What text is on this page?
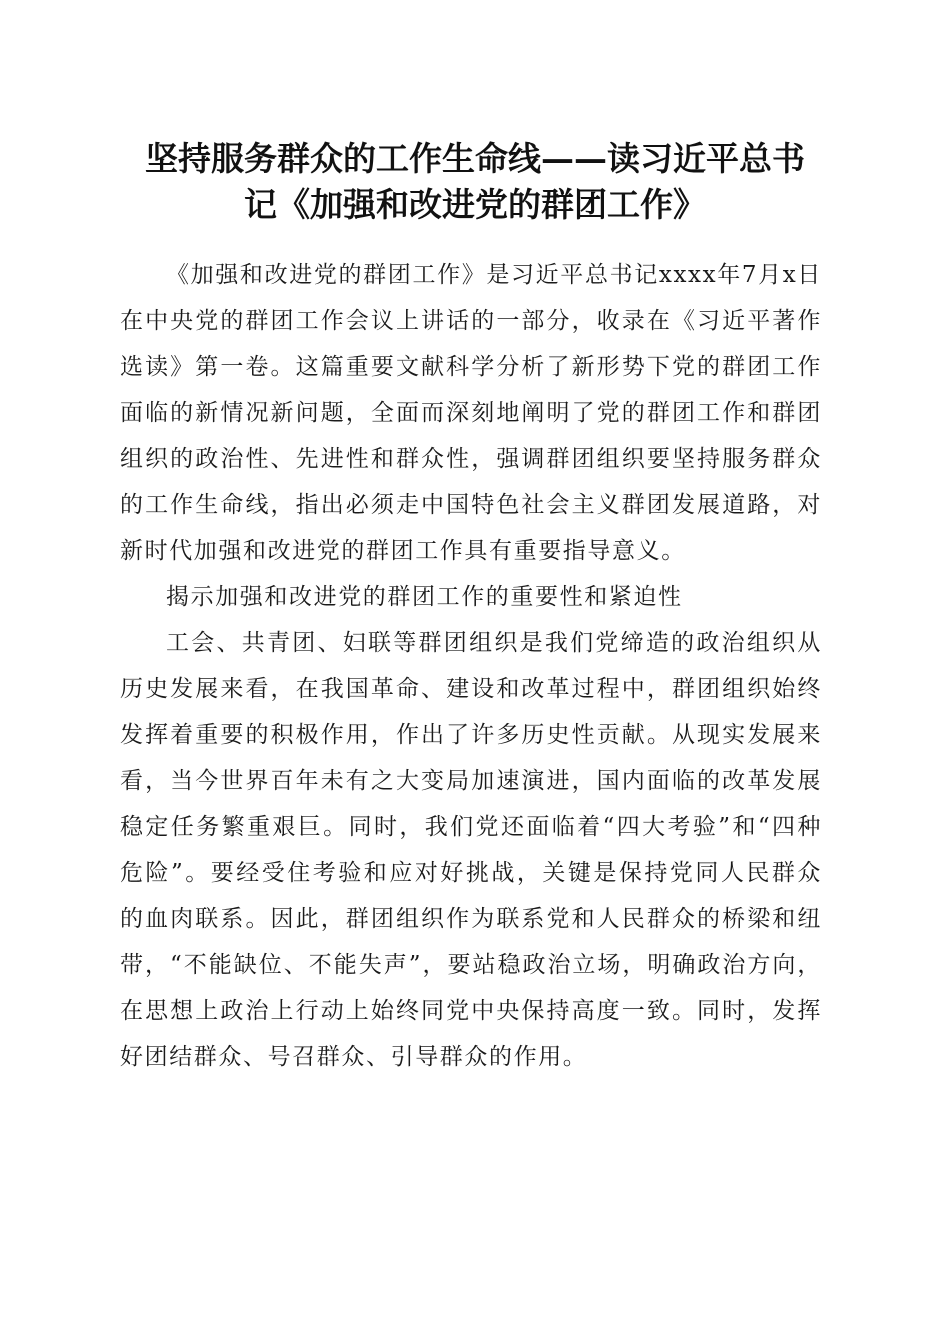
坚持服务群众的工作生命线——读习近平总书
记《加强和改进党的群团工作》

《加强和改进党的群团工作》是习近平总书记xxxx年7月x日在中央党的群团工作会议上讲话的一部分，收录在《习近平著作选读》第一卷。这篇重要文献科学分析了新形势下党的群团工作面临的新情况新问题，全面而深刻地阐明了党的群团工作和群团组织的政治性、先进性和群众性，强调群团组织要坚持服务群众的工作生命线，指出必须走中国特色社会主义群团发展道路，对新时代加强和改进党的群团工作具有重要指导意义。

揭示加强和改进党的群团工作的重要性和紧迫性

工会、共青团、妇联等群团组织是我们党缔造的政治组织从历史发展来看，在我国革命、建设和改革过程中，群团组织始终发挥着重要的积极作用，作出了许多历史性贡献。从现实发展来看，当今世界百年未有之大变局加速演进，国内面临的改革发展稳定任务繁重艰巨。同时，我们党还面临着“四大考验”和“四种危险”。要经受住考验和应对好挑战，关键是保持党同人民群众的血肉联系。因此，群团组织作为联系党和人民群众的桥梁和纽带，“不能缺位、不能失声”，要站稳政治立场，明确政治方向，在思想上政治上行动上始终同党中央保持高度一致。同时，发挥好团结群众、号召群众、引导群众的作用。
